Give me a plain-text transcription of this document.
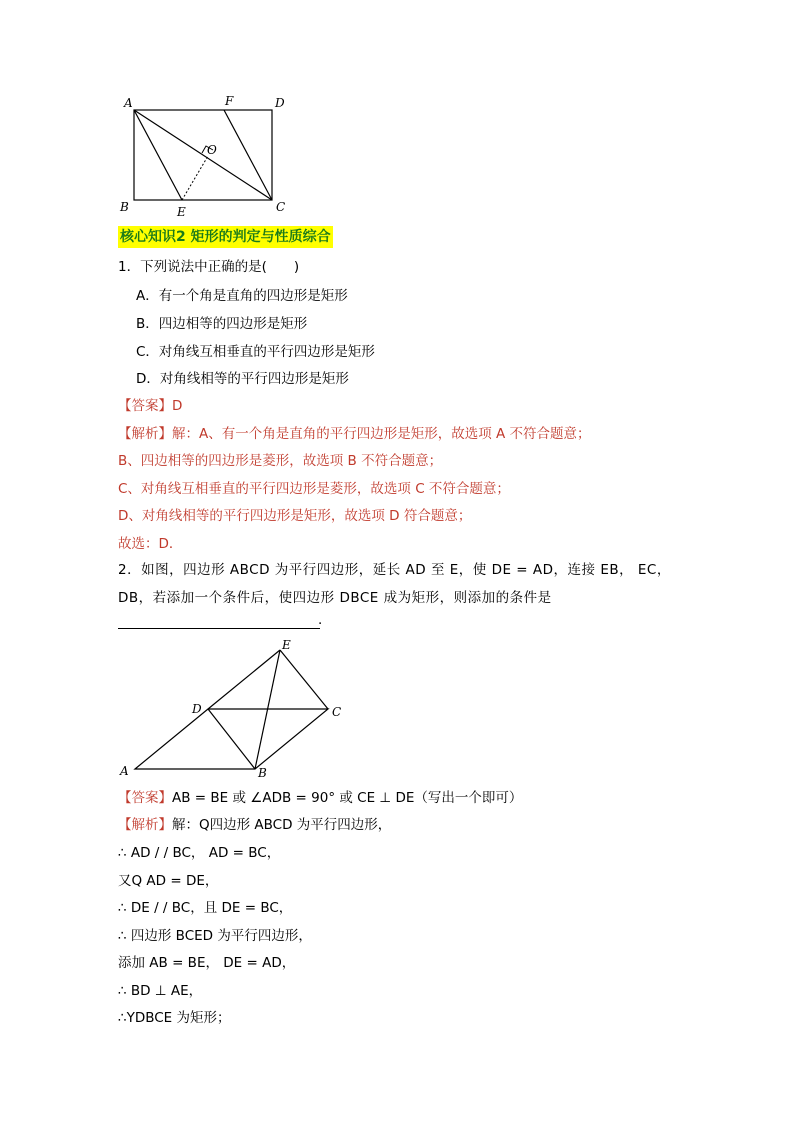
A	F	D
O
B	E	C
核心知识2 矩形的判定与性质综合
1．下列说法中正确的是(　　)
A．有一个角是直角的四边形是矩形
B．四边相等的四边形是矩形
C．对角线互相垂直的平行四边形是矩形
D．对角线相等的平行四边形是矩形
【答案】D
【解析】解：A、有一个角是直角的平行四边形是矩形，故选项 A 不符合题意；
B、四边相等的四边形是菱形，故选项 B 不符合题意；
C、对角线互相垂直的平行四边形是菱形，故选项 C 不符合题意；
D、对角线相等的平行四边形是矩形，故选项 D 符合题意；
故选：D．
2．如图，四边形 ABCD 为平行四边形，延长 AD 至 E，使 DE = AD，连接 EB， EC，
DB，若添加一个条件后，使四边形 DBCE 成为矩形，则添加的条件是
.
E
D	C
A	B
【答案】AB = BE 或 ∠ADB = 90° 或 CE ⊥ DE（写出一个即可）
【解析】解：Q四边形 ABCD 为平行四边形，
∴ AD / / BC， AD = BC，
又Q AD = DE，
∴ DE / / BC，且 DE = BC，
∴ 四边形 BCED 为平行四边形，
添加 AB = BE， DE = AD，
∴ BD ⊥ AE，
∴YDBCE 为矩形；
